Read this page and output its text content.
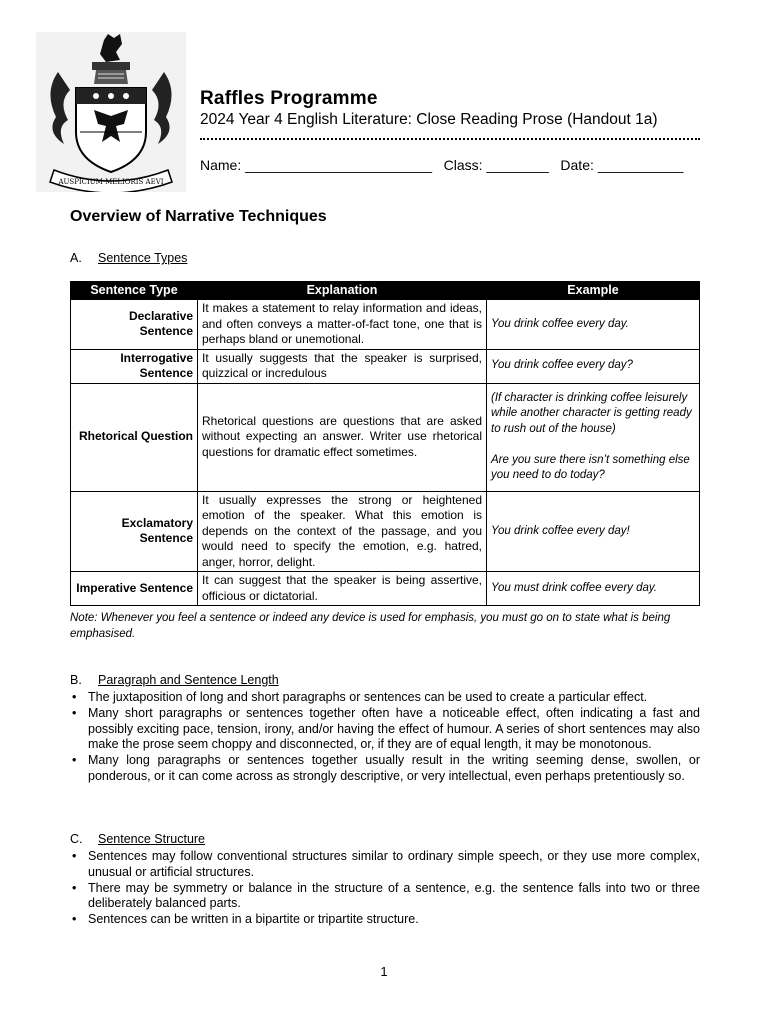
AUSPICIUM MELIORIS AEVI
Raffles Programme
2024 Year 4 English Literature: Close Reading Prose (Handout 1a)
Name: ________________________   Class: ________   Date: ___________
Overview of Narrative Techniques
A. Sentence Types
Sentence Type	Explanation	Example
Declarative Sentence	It makes a statement to relay information and ideas, and often conveys a matter-of-fact tone, one that is perhaps bland or unemotional.	You drink coffee every day.
Interrogative Sentence	It usually suggests that the speaker is surprised, quizzical or incredulous	You drink coffee every day?
Rhetorical Question	Rhetorical questions are questions that are asked without expecting an answer. Writer use rhetorical questions for dramatic effect sometimes.	(If character is drinking coffee leisurely while another character is getting ready to rush out of the house)

Are you sure there isn’t something else you need to do today?

Exclamatory Sentence	It usually expresses the strong or heightened emotion of the speaker. What this emotion is depends on the context of the passage, and you would need to specify the emotion, e.g. hatred, anger, horror, delight.	You drink coffee every day!
Imperative Sentence	It can suggest that the speaker is being assertive, officious or dictatorial.	You must drink coffee every day.
Note: Whenever you feel a sentence or indeed any device is used for emphasis, you must go on to state what is being emphasised.
B. Paragraph and Sentence Length
• The juxtaposition of long and short paragraphs or sentences can be used to create a particular effect.
• Many short paragraphs or sentences together often have a noticeable effect, often indicating a fast and possibly exciting pace, tension, irony, and/or having the effect of humour. A series of short sentences may also make the prose seem choppy and disconnected, or, if they are of equal length, it may be monotonous.
• Many long paragraphs or sentences together usually result in the writing seeming dense, swollen, or ponderous, or it can come across as strongly descriptive, or very intellectual, even perhaps pretentiously so.
C. Sentence Structure
• Sentences may follow conventional structures similar to ordinary simple speech, or they use more complex, unusual or artificial structures.
• There may be symmetry or balance in the structure of a sentence, e.g. the sentence falls into two or three deliberately balanced parts.
• Sentences can be written in a bipartite or tripartite structure.
1
